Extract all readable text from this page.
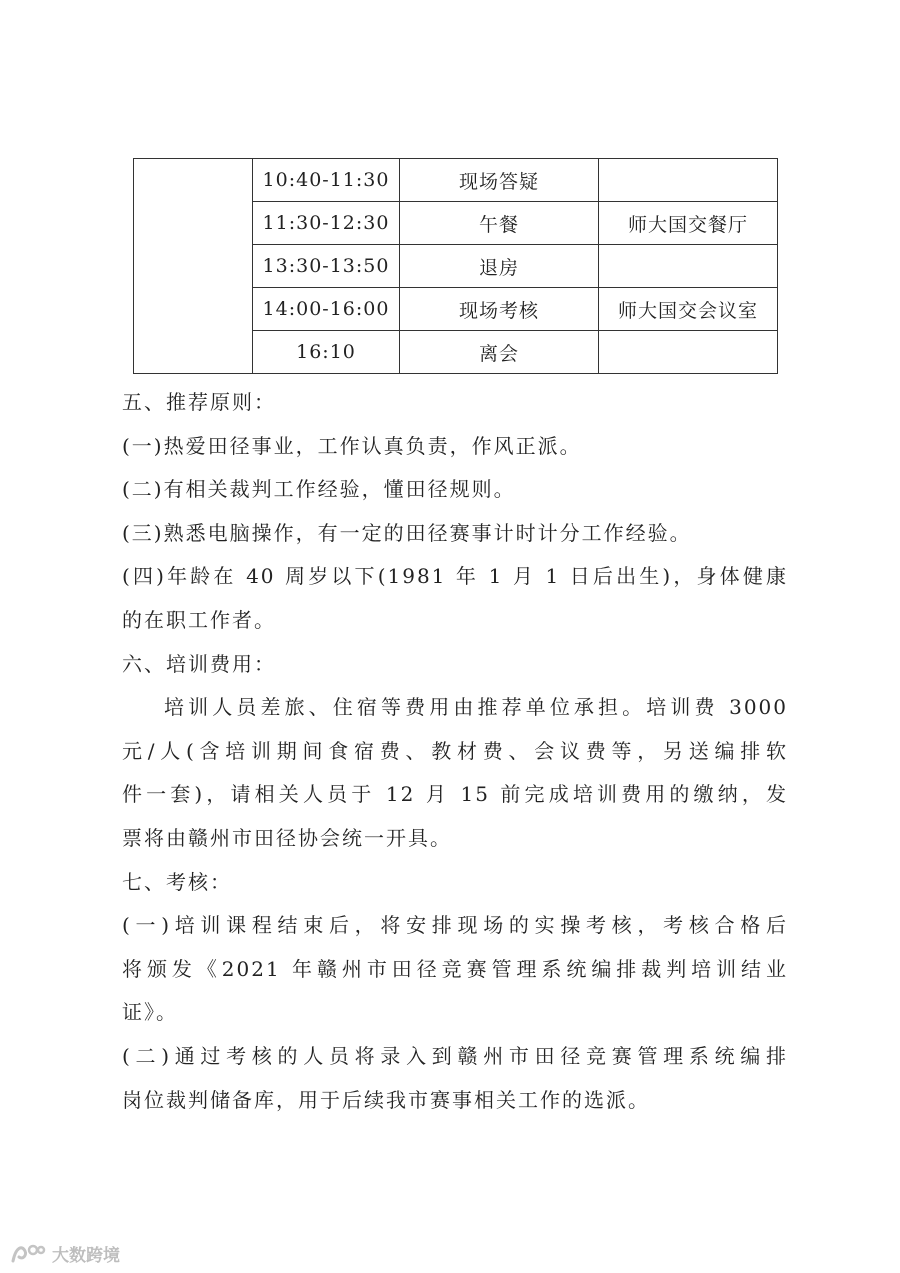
	10:40-11:30	现场答疑	
	11:30-12:30	午餐	师大国交餐厅
	13:30-13:50	退房	
	14:00-16:00	现场考核	师大国交会议室
	16:10	离会	

五、推荐原则：

(一)热爱田径事业，工作认真负责，作风正派。

(二)有相关裁判工作经验，懂田径规则。

(三)熟悉电脑操作，有一定的田径赛事计时计分工作经验。

(四)年龄在 40 周岁以下(1981 年 1 月 1 日后出生)，身体健康

的在职工作者。

六、培训费用：

培训人员差旅、住宿等费用由推荐单位承担。培训费 3000

元/人(含培训期间食宿费、教材费、会议费等，另送编排软

件一套)，请相关人员于 12 月 15 前完成培训费用的缴纳，发

票将由赣州市田径协会统一开具。

七、考核：

(一)培训课程结束后，将安排现场的实操考核，考核合格后

将颁发《2021 年赣州市田径竞赛管理系统编排裁判培训结业

证》。

(二)通过考核的人员将录入到赣州市田径竞赛管理系统编排

岗位裁判储备库，用于后续我市赛事相关工作的选派。

大数跨境
